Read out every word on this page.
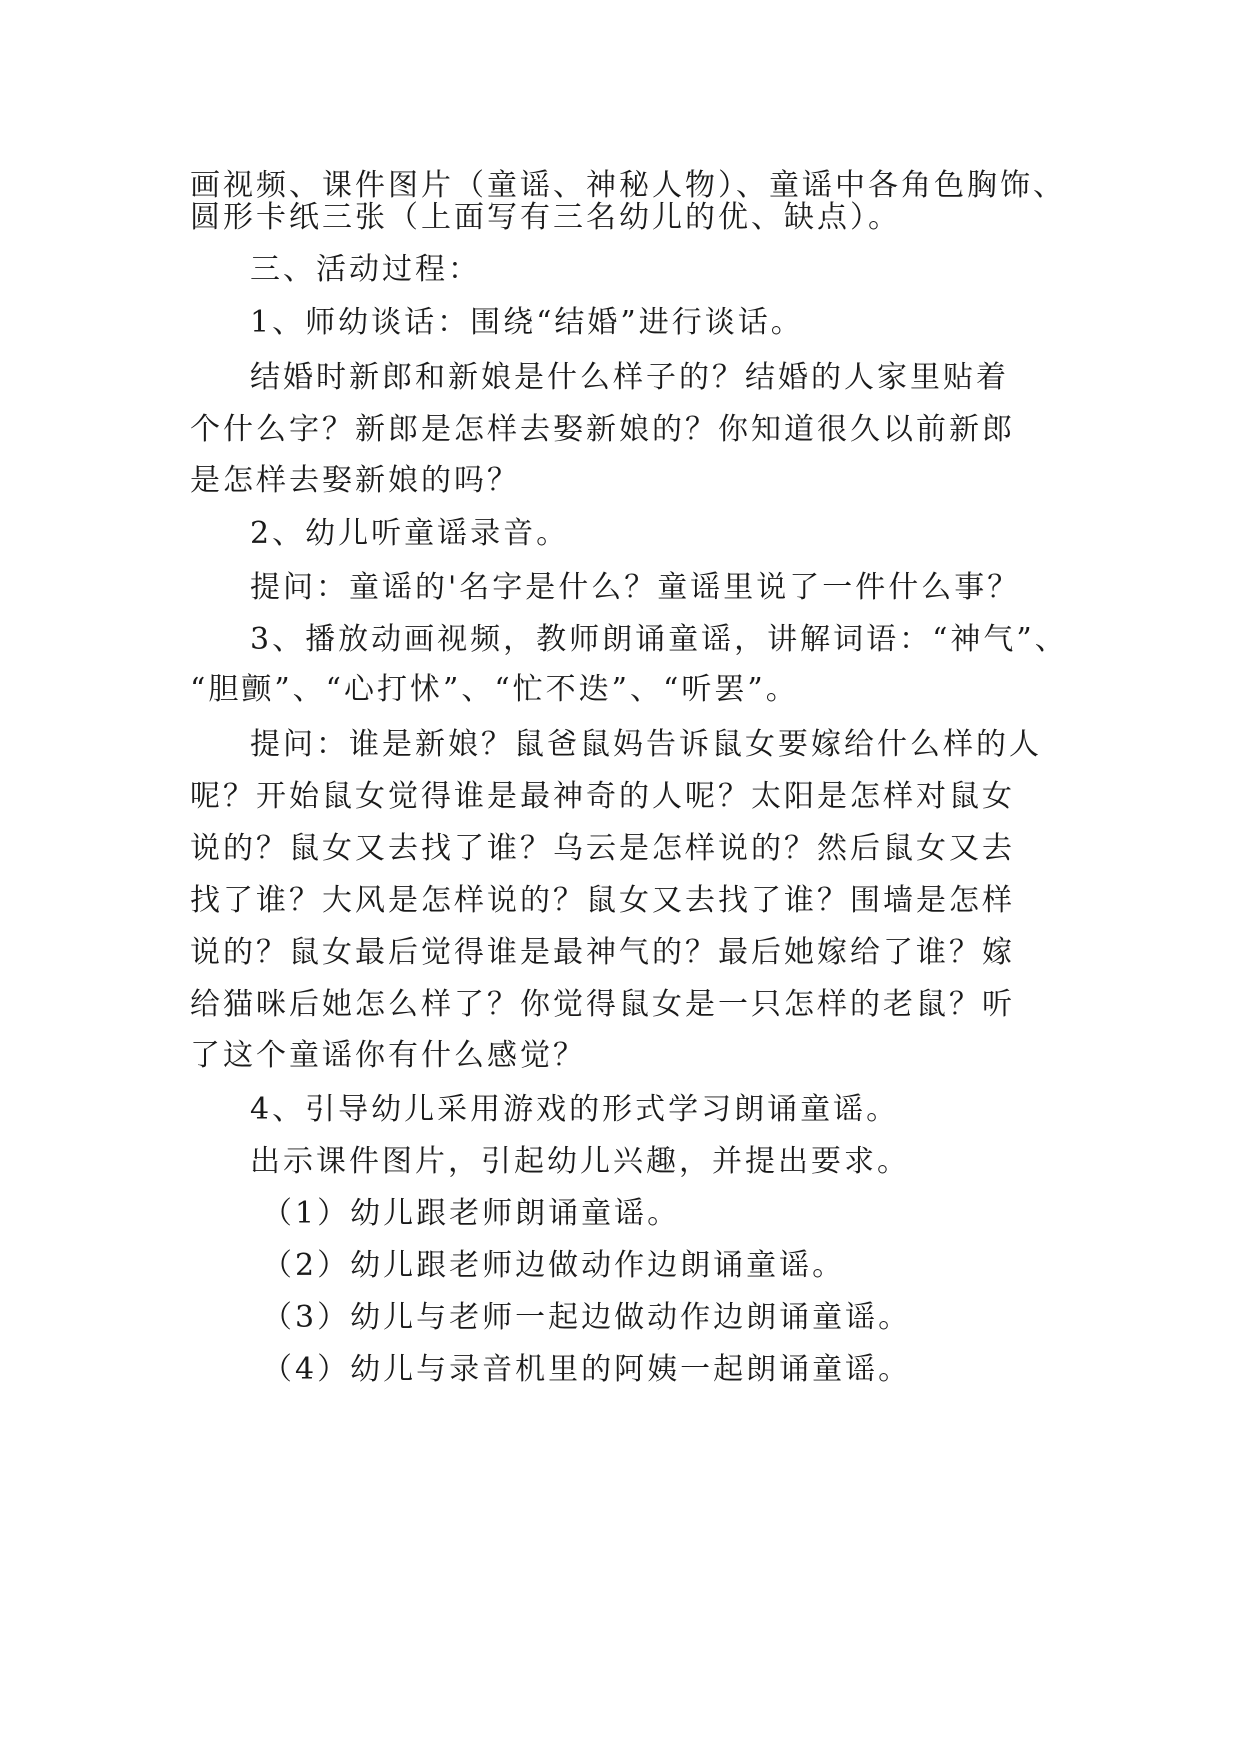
画视频、课件图片（童谣、神秘人物）、童谣中各角色胸饰、
圆形卡纸三张（上面写有三名幼儿的优、缺点）。
三、活动过程：
1、师幼谈话：围绕“结婚”进行谈话。
结婚时新郎和新娘是什么样子的？结婚的人家里贴着
个什么字？新郎是怎样去娶新娘的？你知道很久以前新郎
是怎样去娶新娘的吗？
2、幼儿听童谣录音。
提问：童谣的'名字是什么？童谣里说了一件什么事？
3、播放动画视频，教师朗诵童谣，讲解词语：“神气”、
“胆颤”、“心打怵”、“忙不迭”、“听罢”。
提问：谁是新娘？鼠爸鼠妈告诉鼠女要嫁给什么样的人
呢？开始鼠女觉得谁是最神奇的人呢？太阳是怎样对鼠女
说的？鼠女又去找了谁？乌云是怎样说的？然后鼠女又去
找了谁？大风是怎样说的？鼠女又去找了谁？围墙是怎样
说的？鼠女最后觉得谁是最神气的？最后她嫁给了谁？嫁
给猫咪后她怎么样了？你觉得鼠女是一只怎样的老鼠？听
了这个童谣你有什么感觉？
4、引导幼儿采用游戏的形式学习朗诵童谣。
出示课件图片，引起幼儿兴趣，并提出要求。
（1）幼儿跟老师朗诵童谣。
（2）幼儿跟老师边做动作边朗诵童谣。
（3）幼儿与老师一起边做动作边朗诵童谣。
（4）幼儿与录音机里的阿姨一起朗诵童谣。
